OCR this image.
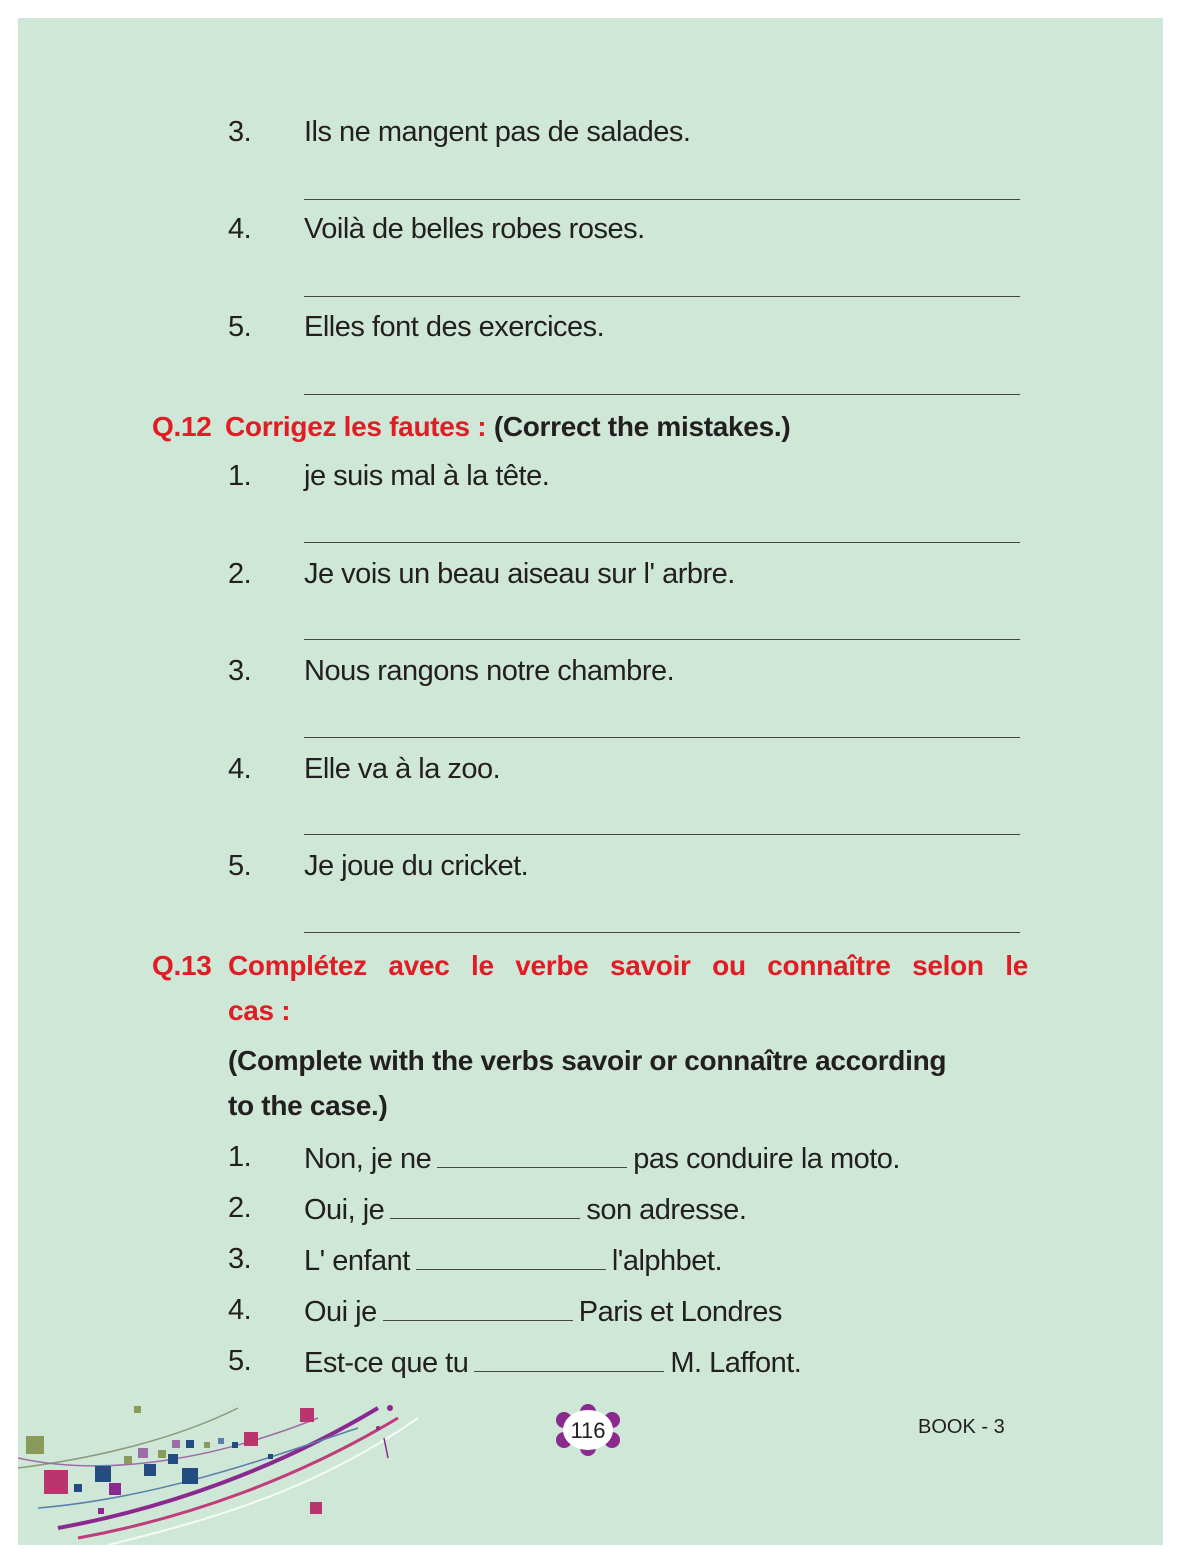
3. Ils ne mangent pas de salades.
4. Voilà de belles robes roses.
5. Elles font des exercices.
Q.12 Corrigez les fautes : (Correct the mistakes.)
1. je suis mal à la tête.
2. Je vois un beau aiseau sur l' arbre.
3. Nous rangons notre chambre.
4. Elle va à la zoo.
5. Je joue du cricket.
Q.13 Complétez avec le verbe savoir ou connaître selon le
cas :
(Complete with the verbs savoir or connaître according
to the case.)
1. Non, je ne	pas conduire la moto.
2. Oui, je	son adresse.
3. L' enfant	l'alphbet.
4. Oui je	Paris et Londres
5. Est-ce que tu	M. Laffont.
116	BOOK - 3
